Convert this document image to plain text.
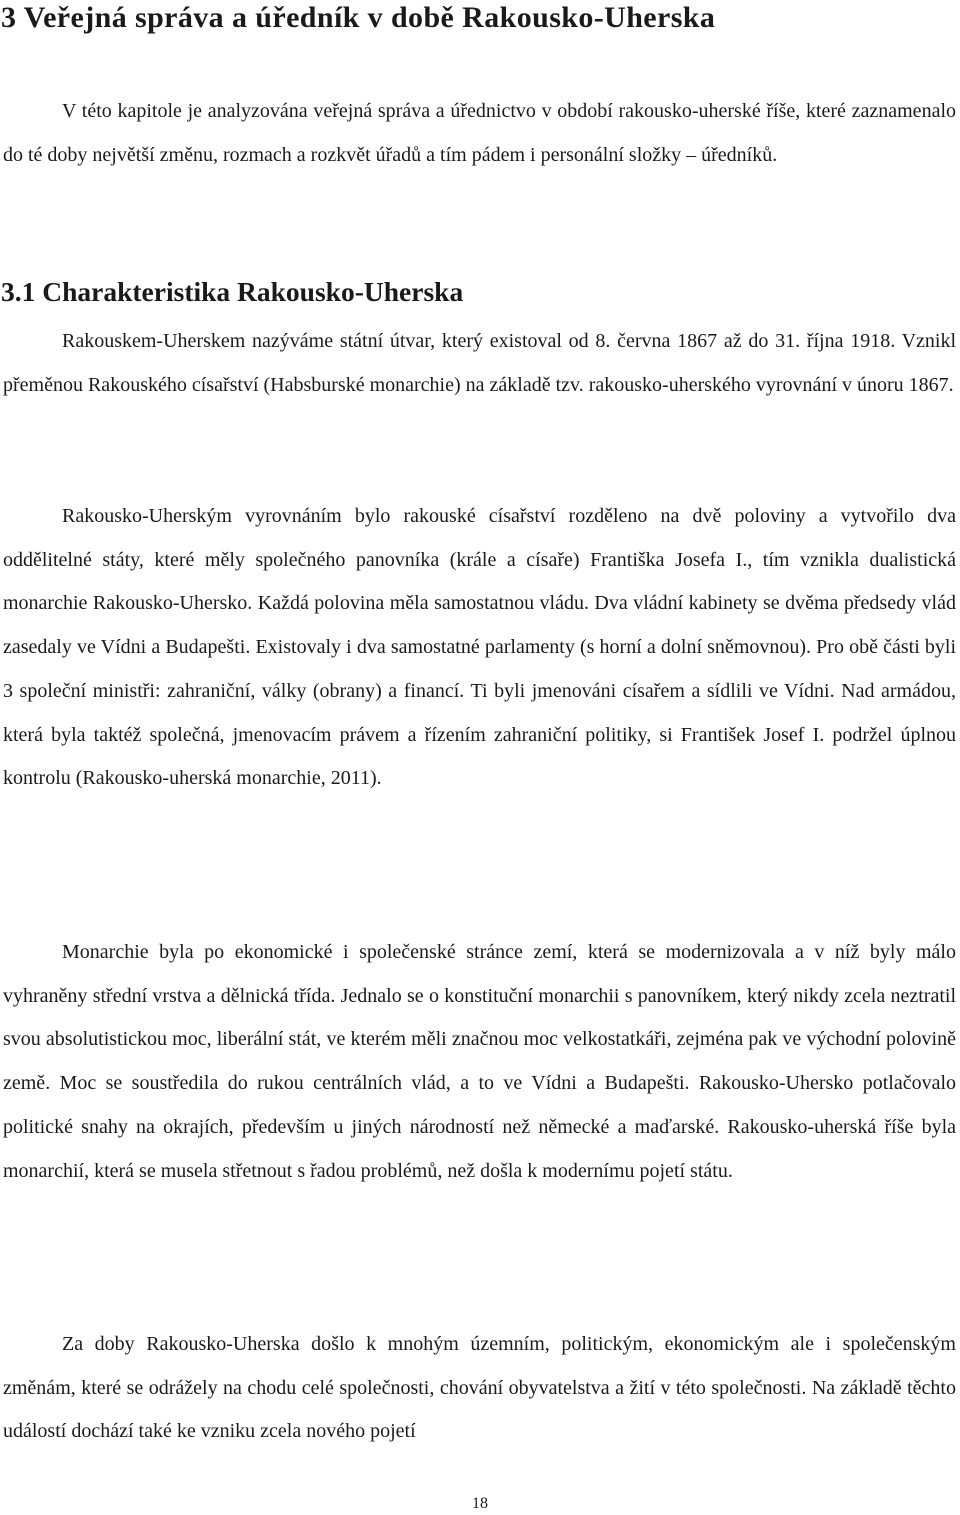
3 Veřejná správa a úředník v době Rakousko-Uherska

V této kapitole je analyzována veřejná správa a úřednictvo v období rakousko-uherské říše, které zaznamenalo do té doby největší změnu, rozmach a rozkvět úřadů a tím pádem i personální složky – úředníků.

3.1 Charakteristika Rakousko-Uherska

Rakouskem-Uherskem nazýváme státní útvar, který existoval od 8. června 1867 až do 31. října 1918. Vznikl přeměnou Rakouského císařství (Habsburské monarchie) na základě tzv. rakousko-uherského vyrovnání v únoru 1867.

Rakousko-Uherským vyrovnáním bylo rakouské císařství rozděleno na dvě poloviny a vytvořilo dva oddělitelné státy, které měly společného panovníka (krále a císaře) Františka Josefa I., tím vznikla dualistická monarchie Rakousko-Uhersko. Každá polovina měla samostatnou vládu. Dva vládní kabinety se dvěma předsedy vlád zasedaly ve Vídni a Budapešti. Existovaly i dva samostatné parlamenty (s horní a dolní sněmovnou). Pro obě části byli 3 společní ministři: zahraniční, války (obrany) a financí. Ti byli jmenováni císařem a sídlili ve Vídni. Nad armádou, která byla taktéž společná, jmenovacím právem a řízením zahraniční politiky, si František Josef I. podržel úplnou kontrolu (Rakousko-uherská monarchie, 2011).

Monarchie byla po ekonomické i společenské stránce zemí, která se modernizovala a v níž byly málo vyhraněny střední vrstva a dělnická třída. Jednalo se o konstituční monarchii s panovníkem, který nikdy zcela neztratil svou absolutistickou moc, liberální stát, ve kterém měli značnou moc velkostatkáři, zejména pak ve východní polovině země. Moc se soustředila do rukou centrálních vlád, a to ve Vídni a Budapešti. Rakousko-Uhersko potlačovalo politické snahy na okrajích, především u jiných národností než německé a maďarské. Rakousko-uherská říše byla monarchií, která se musela střetnout s řadou problémů, než došla k modernímu pojetí státu.

Za doby Rakousko-Uherska došlo k mnohým územním, politickým, ekonomickým ale i společenským změnám, které se odrážely na chodu celé společnosti, chování obyvatelstva a žití v této společnosti. Na základě těchto událostí dochází také ke vzniku zcela nového pojetí

18
